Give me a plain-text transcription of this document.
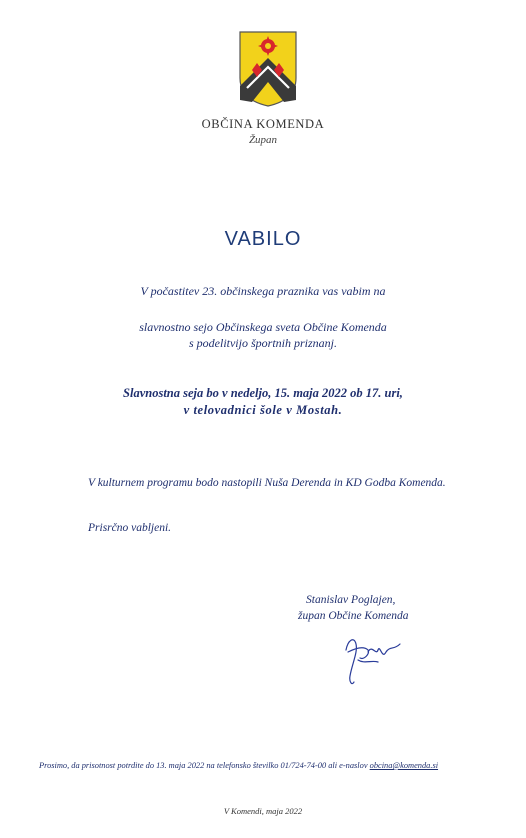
OBČINA KOMENDA
Župan
VABILO
V počastitev 23. občinskega praznika vas vabim na
slavnostno sejo Občinskega sveta Občine Komenda
s podelitvijo športnih priznanj.
Slavnostna seja bo v nedeljo, 15. maja 2022 ob 17. uri,
v telovadnici šole v Mostah.
V kulturnem programu bodo nastopili Nuša Derenda in KD Godba Komenda.
Prisrčno vabljeni.
Stanislav Poglajen,
župan Občine Komenda
Prosimo, da prisotnost potrdite do 13. maja 2022 na telefonsko številko 01/724-74-00 ali e-naslov obcina@komenda.si
V Komendi, maja 2022
